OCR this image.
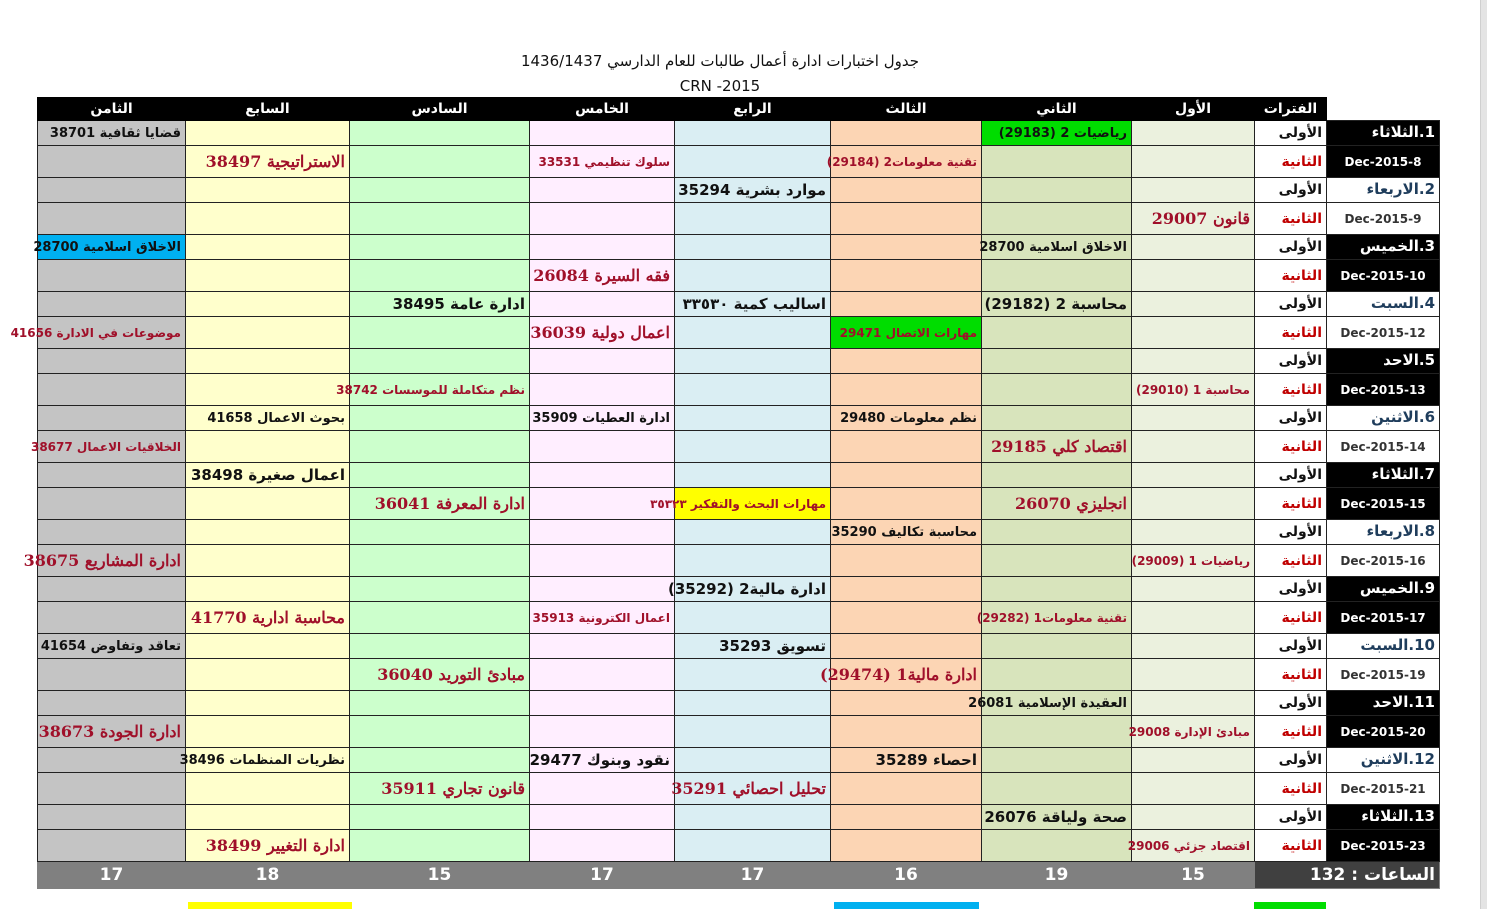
جدول اختبارات ادارة أعمال طالبات للعام الدارسي 1436/1437
CRN -2015
	الفترات	الأول	الثاني	الثالث	الرابع	الخامس	السادس	السابع	الثامن

1.الثلاثاء	الأولى		رياضيات 2 (29183)						قضايا ثقافية 38701
8-Dec-2015	الثانية			تقنية معلومات2 (29184)		سلوك تنظيمي 33531		الاستراتيجية 38497	

2.الاربعاء	الأولى				موارد بشرية 35294				
9-Dec-2015	الثانية	قانون 29007							

3.الخميس	الأولى		الاخلاق اسلامية 28700						الاخلاق اسلامية 28700
10-Dec-2015	الثانية					فقه السيرة 26084			

4.السبت	الأولى		محاسبة 2 (29182)		اساليب كمية ٣٣٥٣٠		ادارة عامة 38495		
12-Dec-2015	الثانية			مهارات الاتصال 29471		اعمال دولية 36039			موضوعات في الادارة 41656

5.الاحد	الأولى								
13-Dec-2015	الثانية	محاسبة 1 (29010)					نظم متكاملة للموسسات 38742		

6.الاثنين	الأولى			نظم معلومات 29480		ادارة العطيات 35909		بحوث الاعمال 41658	
14-Dec-2015	الثانية		اقتصاد كلي 29185						الخلاقيات الاعمال 38677

7.الثلاثاء	الأولى							اعمال صغيرة 38498	
15-Dec-2015	الثانية		انجليزي 26070		مهارات البحث والتفكير ٣٥٣٢٣		ادارة المعرفة 36041		

8.الاربعاء	الأولى			محاسبة تكاليف 35290					
16-Dec-2015	الثانية	رياضيات 1 (29009)							ادارة المشاريع 38675

9.الخميس	الأولى				ادارة مالية2 (35292)				
17-Dec-2015	الثانية		تقنية معلومات1 (29282)			اعمال الكترونية 35913		محاسبة ادارية 41770	

10.السبت	الأولى				تسويق 35293				تعاقد وتفاوض 41654
19-Dec-2015	الثانية			ادارة مالية1 (29474)			مبادئ التوريد 36040		

11.الاحد	الأولى		العقيدة الإسلامية 26081						
20-Dec-2015	الثانية	مبادئ الإدارة 29008							ادارة الجودة 38673

12.الاثنين	الأولى			احصاء 35289		نقود وبنوك 29477		نظريات المنظمات 38496	
21-Dec-2015	الثانية				تحليل احصائي 35291		قانون تجاري 35911		

13.الثلاثاء	الأولى		صحة ولياقة 26076						
23-Dec-2015	الثانية	اقتصاد جزئي 29006						ادارة التغيير 38499	
الساعات : 132		15	19	16	17	17	15	18	17
